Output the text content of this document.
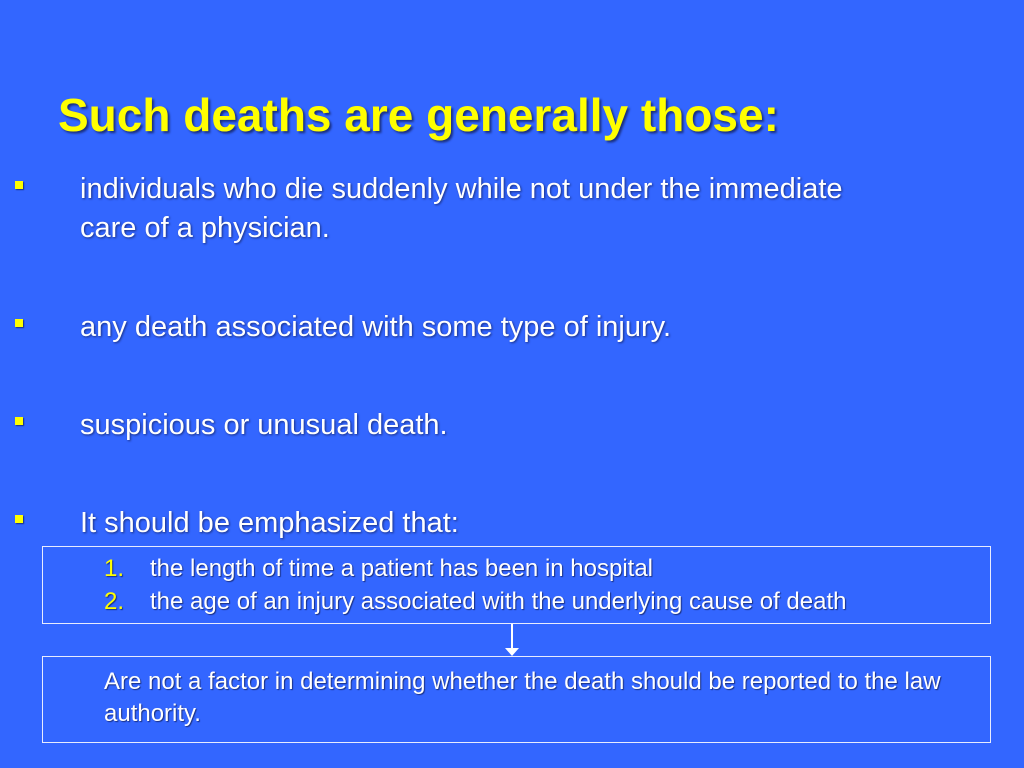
Such deaths are generally those:
individuals who die suddenly while not under the immediate care of a physician.
any death associated with some type of injury.
suspicious or unusual death.
It should be emphasized that:
1. the length of time a patient has been in hospital
2. the age of an injury associated with the underlying cause of death
Are not a factor in determining whether the death should be reported to the law authority.
